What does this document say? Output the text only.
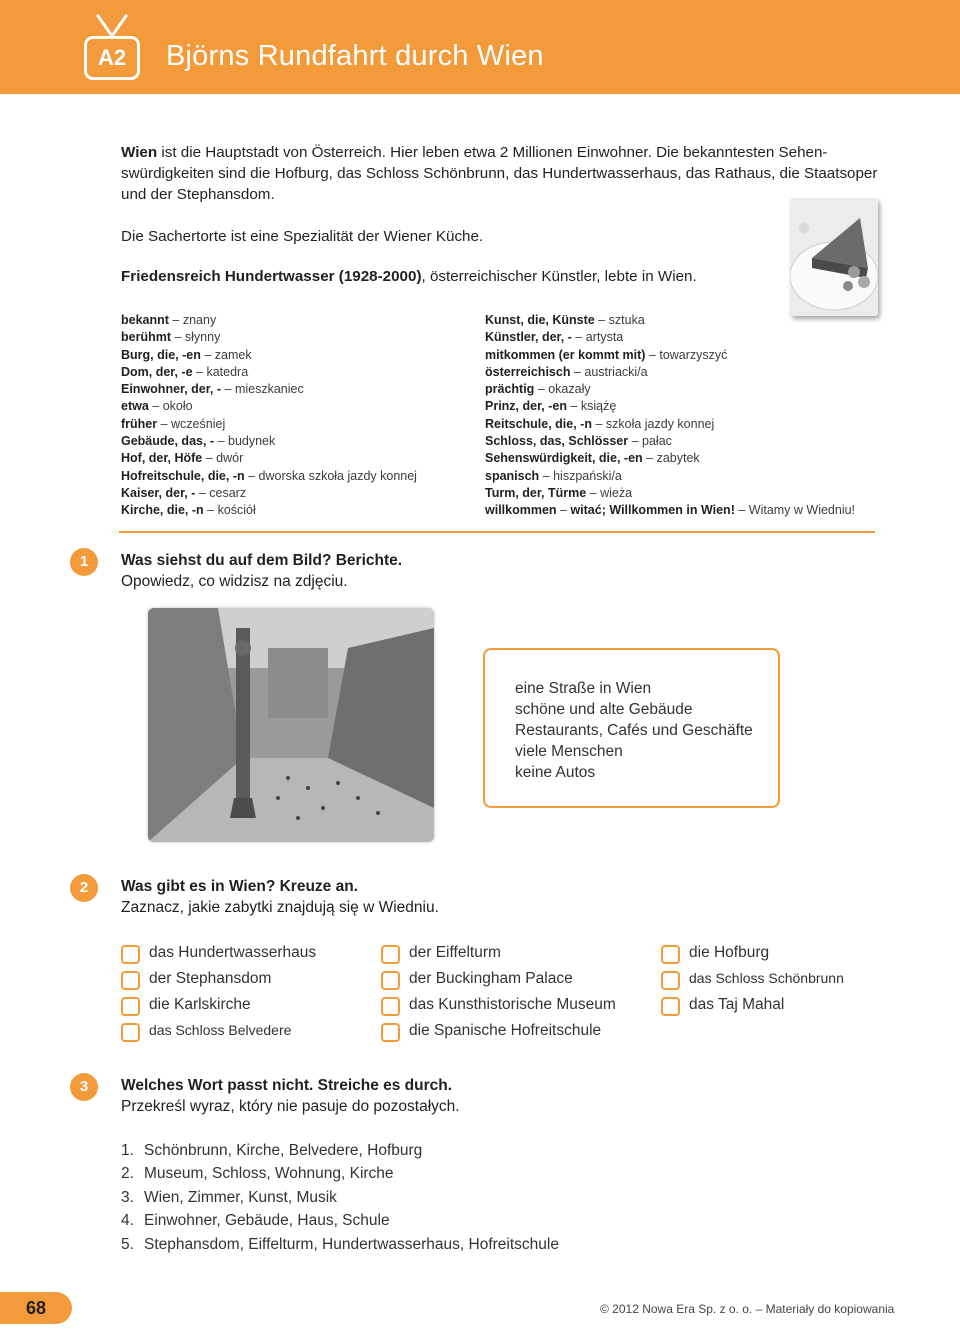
A2	Björns Rundfahrt durch Wien
Wien ist die Hauptstadt von Österreich. Hier leben etwa 2 Millionen Einwohner. Die bekanntesten Sehen-
swürdigkeiten sind die Hofburg, das Schloss Schönbrunn, das Hundertwasserhaus, das Rathaus, die Staatsoper
und der Stephansdom.
Die Sachertorte ist eine Spezialität der Wiener Küche.
Friedensreich Hundertwasser (1928-2000), österreichischer Künstler, lebte in Wien.
bekannt – znany
berühmt – słynny
Burg, die, -en – zamek
Dom, der, -e – katedra
Einwohner, der, - – mieszkaniec
etwa – około
früher – wcześniej
Gebäude, das, - – budynek
Hof, der, Höfe – dwór
Hofreitschule, die, -n – dworska szkoła jazdy konnej
Kaiser, der, - – cesarz
Kirche, die, -n – kościół
Kunst, die, Künste – sztuka
Künstler, der, - – artysta
mitkommen (er kommt mit) – towarzyszyć
österreichisch – austriacki/a
prächtig – okazały
Prinz, der, -en – książę
Reitschule, die, -n – szkoła jazdy konnej
Schloss, das, Schlösser – pałac
Sehenswürdigkeit, die, -en – zabytek
spanisch – hiszpański/a
Turm, der, Türme – wieża
willkommen – witać; Willkommen in Wien! – Witamy w Wiedniu!
1	Was siehst du auf dem Bild? Berichte.
Opowiedz, co widzisz na zdjęciu.
eine Straße in Wien
schöne und alte Gebäude
Restaurants, Cafés und Geschäfte
viele Menschen
keine Autos
2	Was gibt es in Wien? Kreuze an.
Zaznacz, jakie zabytki znajdują się w Wiedniu.
das Hundertwasserhaus
der Stephansdom
die Karlskirche
das Schloss Belvedere
der Eiffelturm
der Buckingham Palace
das Kunsthistorische Museum
die Spanische Hofreitschule
die Hofburg
das Schloss Schönbrunn
das Taj Mahal
3	Welches Wort passt nicht. Streiche es durch.
Przekreśl wyraz, który nie pasuje do pozostałych.
1. Schönbrunn, Kirche, Belvedere, Hofburg
2. Museum, Schloss, Wohnung, Kirche
3. Wien, Zimmer, Kunst, Musik
4. Einwohner, Gebäude, Haus, Schule
5. Stephansdom, Eiffelturm, Hundertwasserhaus, Hofreitschule
68	© 2012 Nowa Era Sp. z o. o. – Materiały do kopiowania
